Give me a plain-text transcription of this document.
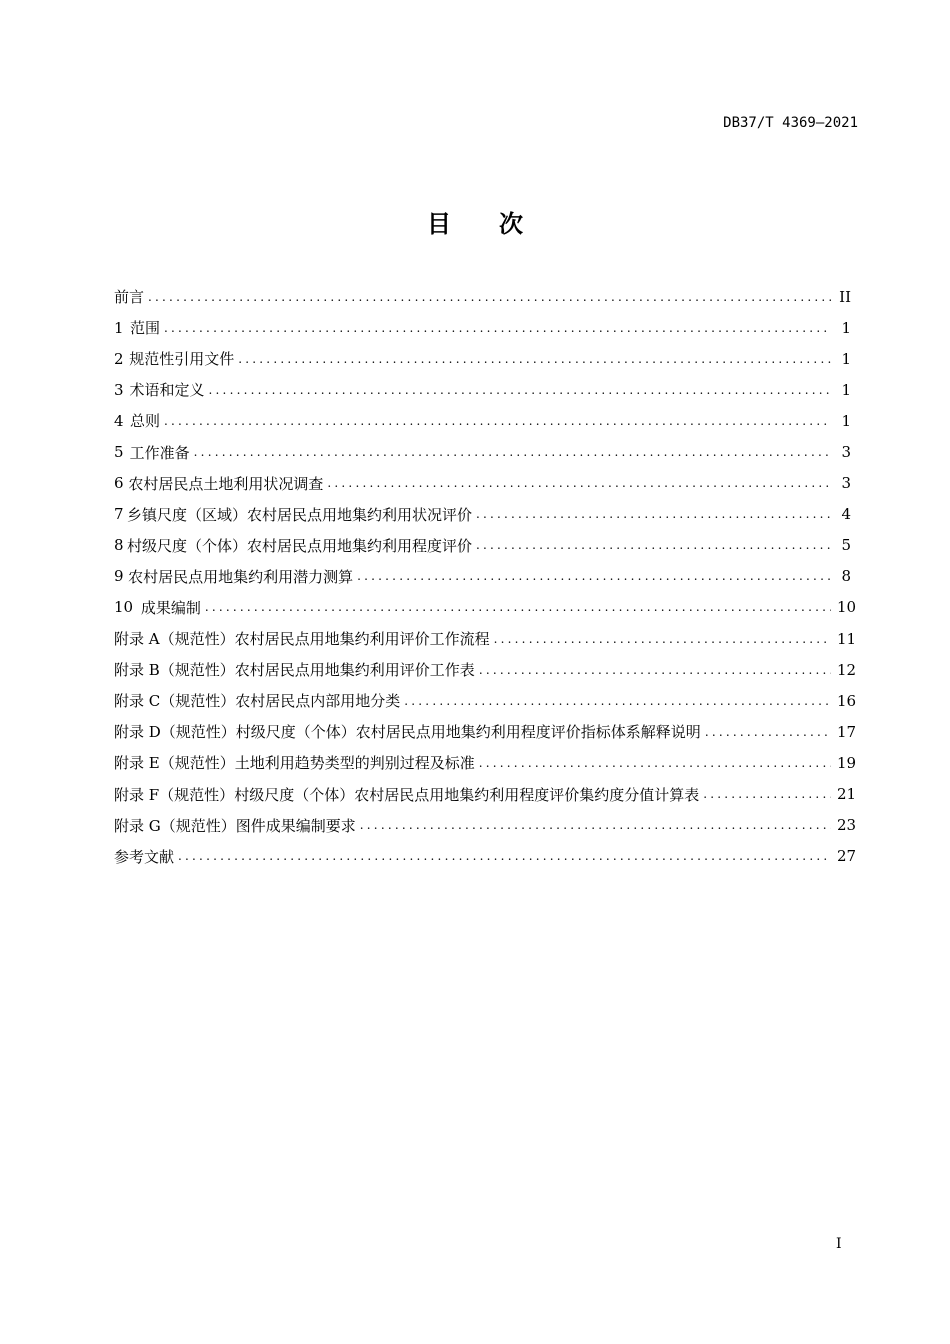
DB37/T 4369—2021
目 次
前言 .....	II
1 范围 .....	1
2 规范性引用文件 .....	1
3 术语和定义 .....	1
4 总则 .....	1
5 工作准备 .....	3
6 农村居民点土地利用状况调查 .....	3
7 乡镇尺度（区域）农村居民点用地集约利用状况评价 .....	4
8 村级尺度（个体）农村居民点用地集约利用程度评价 .....	5
9 农村居民点用地集约利用潜力测算 .....	8
10 成果编制 .....	10
附录 A（规范性） 农村居民点用地集约利用评价工作流程 .....	11
附录 B（规范性） 农村居民点用地集约利用评价工作表 .....	12
附录 C（规范性） 农村居民点内部用地分类 .....	16
附录 D（规范性） 村级尺度（个体）农村居民点用地集约利用程度评价指标体系解释说明 .....	17
附录 E（规范性） 土地利用趋势类型的判别过程及标准 .....	19
附录 F（规范性） 村级尺度（个体）农村居民点用地集约利用程度评价集约度分值计算表 .....	21
附录 G（规范性） 图件成果编制要求 .....	23
参考文献 .....	27
I
